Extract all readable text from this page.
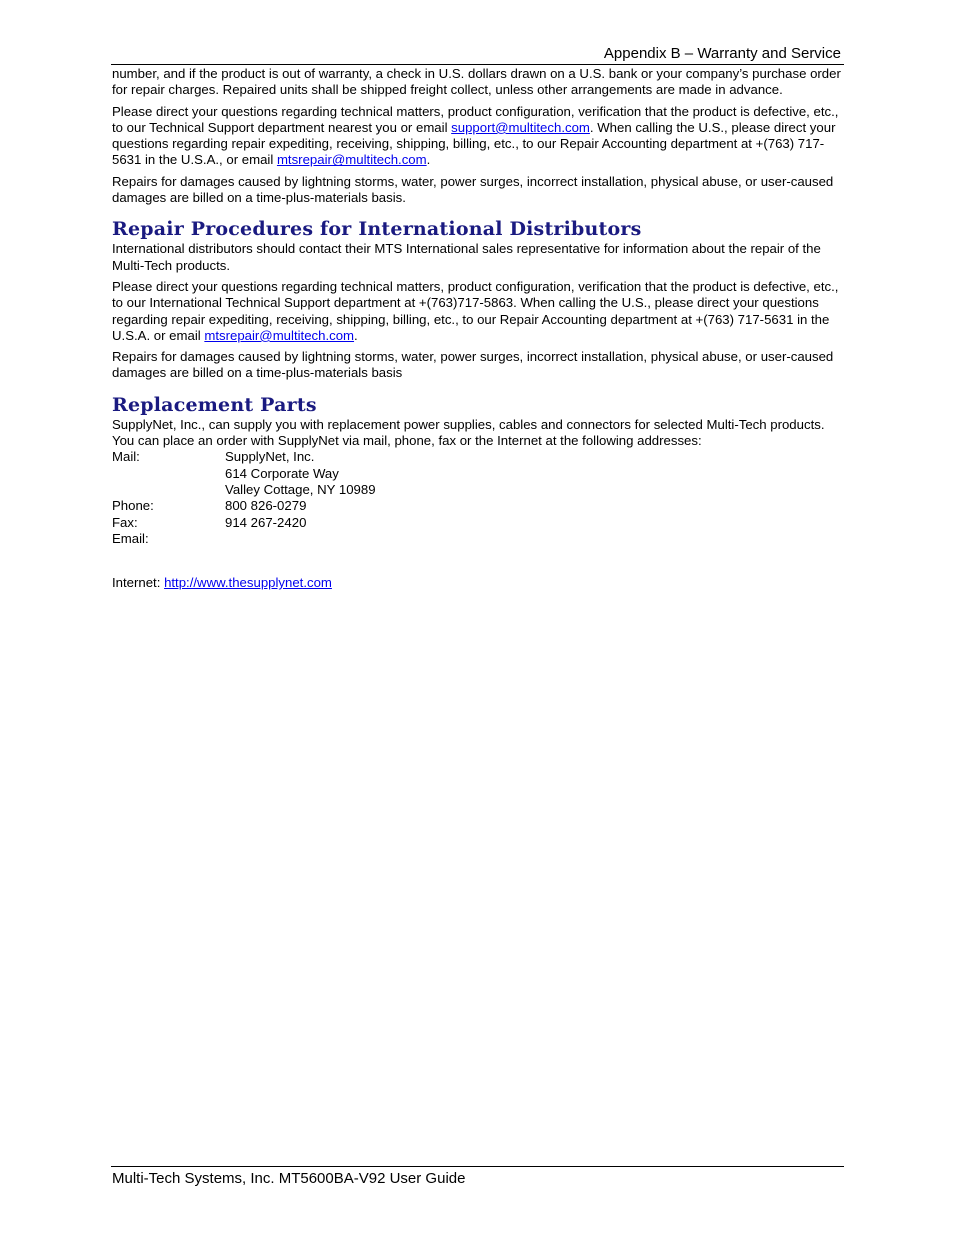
Appendix B – Warranty and Service

number, and if the product is out of warranty, a check in U.S. dollars drawn on a U.S. bank or your company’s purchase order for repair charges. Repaired units shall be shipped freight collect, unless other arrangements are made in advance.

Please direct your questions regarding technical matters, product configuration, verification that the product is defective, etc., to our Technical Support department nearest you or email support@multitech.com. When calling the U.S., please direct your questions regarding repair expediting, receiving, shipping, billing, etc., to our Repair Accounting department at +(763) 717-5631 in the U.S.A., or email mtsrepair@multitech.com.

Repairs for damages caused by lightning storms, water, power surges, incorrect installation, physical abuse, or user-caused damages are billed on a time-plus-materials basis.

Repair Procedures for International Distributors

International distributors should contact their MTS International sales representative for information about the repair of the Multi-Tech products.

Please direct your questions regarding technical matters, product configuration, verification that the product is defective, etc., to our International Technical Support department at +(763)717-5863. When calling the U.S., please direct your questions regarding repair expediting, receiving, shipping, billing, etc., to our Repair Accounting department at +(763) 717-5631 in the U.S.A. or email mtsrepair@multitech.com.

Repairs for damages caused by lightning storms, water, power surges, incorrect installation, physical abuse, or user-caused damages are billed on a time-plus-materials basis

Replacement Parts
SupplyNet, Inc., can supply you with replacement power supplies, cables and connectors for selected Multi-Tech products. You can place an order with SupplyNet via mail, phone, fax or the Internet at the following addresses:
Mail:	SupplyNet, Inc.
614 Corporate Way
Valley Cottage, NY 10989
Phone:	800 826-0279
Fax:	914 267-2420
Email:
Internet: http://www.thesupplynet.com
Multi-Tech Systems, Inc. MT5600BA-V92 User Guide
